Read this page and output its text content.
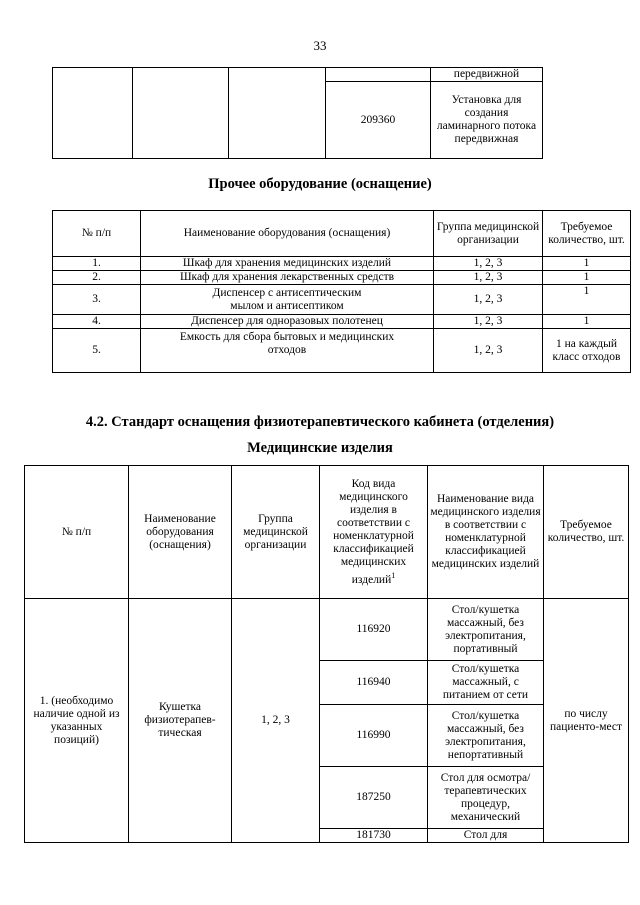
33
				передвижной
			209360	Установка для создания ламинарного потока передвижная
Прочее оборудование (оснащение)
№ п/п	Наименование оборудования (оснащения)	Группа медицинской организации	Требуемое количество, шт.
1.	Шкаф для хранения медицинских изделий	1, 2, 3	1
2.	Шкаф для хранения лекарственных средств	1, 2, 3	1
3.	Диспенсер с антисептическим мылом и антисептиком	1, 2, 3	1
4.	Диспенсер для одноразовых полотенец	1, 2, 3	1
5.	Емкость для сбора бытовых и медицинских отходов	1, 2, 3	1 на каждый класс отходов
4.2. Стандарт оснащения физиотерапевтического кабинета (отделения)
Медицинские изделия
№ п/п	Наименование оборудования (оснащения)	Группа медицинской организации	Код вида медицинского изделия в соответствии с номенклатурной классификацией медицинских изделий$^1$	Наименование вида медицинского изделия в соответствии с номенклатурной классификацией медицинских изделий	Требуемое количество, шт.
1. (необходимо наличие одной из указанных позиций)	Кушетка физиотерапев-тическая	1, 2, 3	116920	Стол/кушетка массажный, без электропитания, портативный	по числу пациенто-мест
			116940	Стол/кушетка массажный, с питанием от сети	
			116990	Стол/кушетка массажный, без электропитания, непортативный	
			187250	Стол для осмотра/ терапевтических процедур, механический	
			181730	Стол для	
